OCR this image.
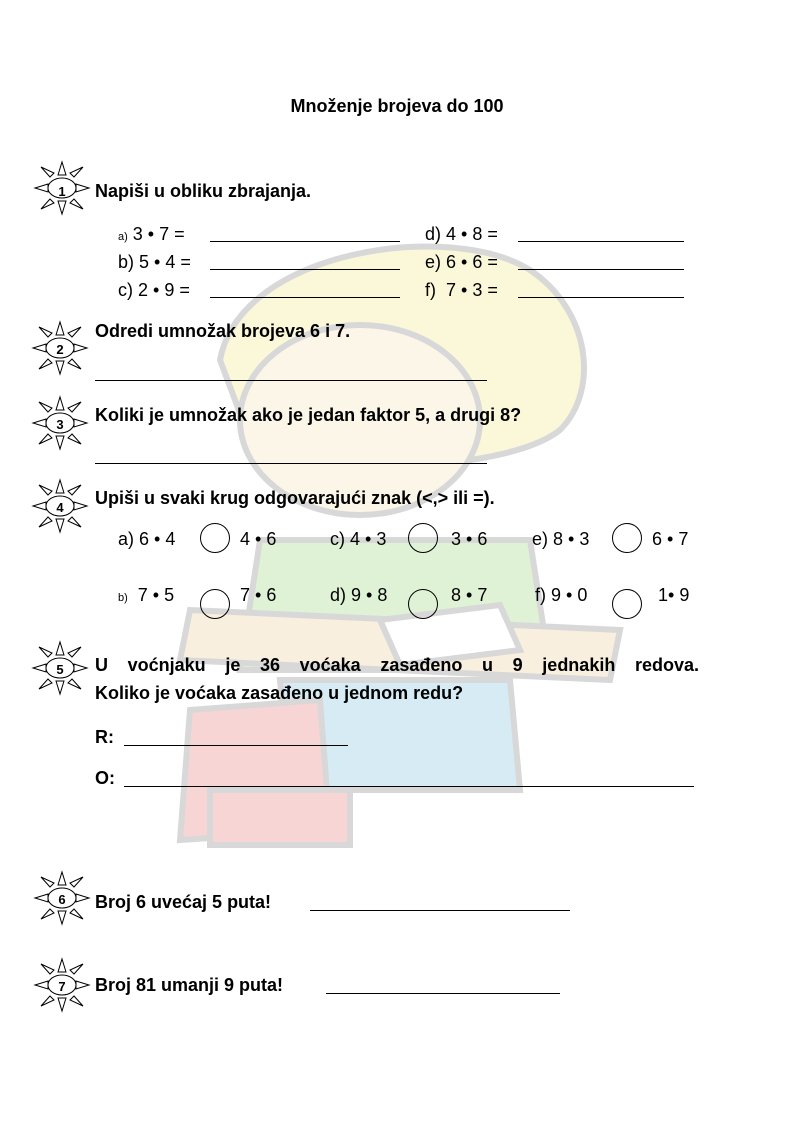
Množenje brojeva do 100
1	Napiši u obliku zbrajanja.
a) 3 • 7 =
b) 5 • 4 =
c) 2 • 9 =
d) 4 • 8 =
e) 6 • 6 =
f) 7 • 3 =
2
Odredi umnožak brojeva 6 i 7.
3	Koliki je umnožak ako je jedan faktor 5, a drugi 8?
4	Upiši u svaki krug odgovarajući znak (<,> ili =).
a) 6 • 4	4 • 6	c) 4 • 3	3 • 6 e) 8 • 3	6 • 7
b) 7 • 5	7 • 6	d) 9 • 8	8 • 7	f) 9 • 0	1• 9
5	U voćnjaku je 36 voćaka zasađeno u 9 jednakih redova.
Koliko je voćaka zasađeno u jednom redu?
R:
O:
6	Broj 6 uvećaj 5 puta!
7	Broj 81 umanji 9 puta!
